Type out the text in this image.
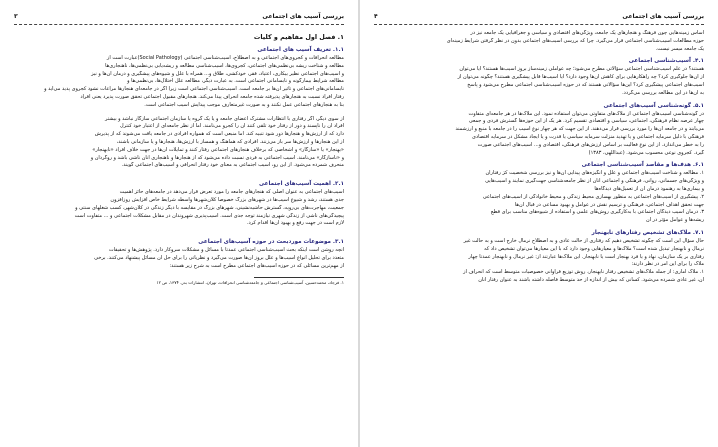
بررسی آسیب های اجتماعی
۳
۱. فصل اول مفاهیم و کلیات
۱.۱. تعریف آسیب های اجتماعی
مطالعه انحرافات و کجروی‌های اجتماعی و به اصطلاح، آسیب‌شناسی اجتماعی (Social Pathology)عبارت است از
مطالعه و شناخت ریشه بی‌نظمی‌های اجتماعی، کجروی‌ها، آسیب‌شناسی مطالعه و ریشه‌یابی بی‌نظمی‌ها، ناهنجاری‌ها
و آسیب‌های اجتماعی نظیر بیکاری، اعتیاد، فقر، خودکشی، طلاق و... همراه با علل و شیوه‌های پیشگیری و درمان آن‌ها و نیز
مطالعه شرایط بیمارگونه و نابسامانی اجتماعی است. به عبارت دیگر، مطالعه علل اختلال‌ها، بی‌نظمی‌ها و
نابسامانی‌های اجتماعی و تأثیر آن‌ها بر جامعه است. آسیب‌شناسی اجتماعی است زیرا اگر در جامعه‌ای هنجارها مراعات نشود کجروی پدید می‌آید و
رفتار افراد نسبت به هنجارهای پذیرفته شده جامعه انحراف پیدا می‌کند. هنجارهای مقبول اجتماعی تحقق صورت پذیرد یعنی افراد
بنا به هنجارهای اجتماعی عمل نکنند و به صورت غیرمتعارف موجب پیدایش آسیب اجتماعی است.
از سوی دیگر، اگر رفتاری با انتظارات مشترک اعضای جامعه و یا یک گروه یا سازمان اجتماعی سازگار نباشد و بیشتر
افراد آن را ناپسند و دور از رفتار خود تلقی کنند آن را کجرو می‌نامند. اما از نظر جامعه‌ای از اعتبار خود کنترل
دارد که از ارزش‌ها و هنجارها دور شود تنبیه کند. اما منبعی است که همواره افرادی در جامعه یافت می‌شوند که از پذیرش
از این هنجارها و ارزش‌ها سر باز می‌زنند. افرادی که هماهنگ و همساز با ارزش‌ها، هنجارها و یا سازمانی باشند،
«بهنجار» یا «سازگار» و اشخاصی که برخلاف هنجارهای اجتماعی رفتار کنند و تمایلات آن‌ها در جهت خلاف افراد «نابهنجار»
و «ناسازگار» می‌نامند. آسیب اجتماعی به فردی نسبت داده می‌شود که از هنجارها و ناهنجاری آنان ناشی باشد و روگردان و
منحرف شمرده می‌شود. از این رو، آسیب اجتماعی به معنای خود رفتار انحرافی و آسیب‌های اجتماعی گویند.
۲.۱. اهمیت آسیب‌های اجتماعی
آسیب‌های اجتماعی به عنوان اصلی که هنجارهای جامعه را مورد تعرض قرار می‌دهد در جامعه‌های حائز اهمیت
جدی هستند، رشد و شیوع آسیب‌ها در شهرهای بزرگ خصوصاً کلان‌شهرها واسطه شرایط خاص افزایش روزافزون
جمعیت، مهاجرت‌های بی‌رویه، گسترش حاشیه‌نشینی، شهرهای بزرگ در مقایسه با دیگر زندگی در کلان‌شهر، کسب شغلهای سنتی و
پیچیدگی‌های ناشی از زندگی شهری نیازمند توجه جدی است. آسیب‌پذیری شهروندان در مقابل مشکلات اجتماعی و ... متفاوت است
لازم است در جهت رفع و بهبود آن‌ها اقدام کرد.
۳.۱. موضوعات موردبحث در حوزه آسیب‌های اجتماعی
آنچه روشن است اینکه بحث آسیب‌شناسی اجتماعی عمدتاً با مسائل و مشکلات سروکار دارد. پژوهش‌ها و تحقیقات
متعدد برای تحلیل انواع آسیب‌ها و علل بروز آن‌ها صورت می‌گیرد و نظریاتی را برای حل آن مسائل پیشنهاد می‌کنند. برخی
از مهم‌ترین مسائلی که در حوزه آسیب‌های اجتماعی مطرح است به شرح زیر هستند:
۱. فرجاد، محمدحسین، آسیب‌شناسی اجتماعی و جامعه‌شناسی انحرافات، تهران، انتشارات بدر، ۱۳۷۴، ص ۱۲
بررسی آسیب های اجتماعی
۴
اساس زمینه‌هایی چون فرهنگ و هنجارهای یک جامعه، ویژگی‌های اقتصادی و سیاسی و جغرافیایی یک جامعه نیز در
حوزه مطالعات آسیب‌شناسی اجتماعی قرار می‌گیرد. چرا که بررسی آسیب‌های اجتماعی بدون در نظر گرفتن شرایط زمینه‌ای
یک جامعه میسر نیست.
۴.۱. آسیب‌شناسی اجتماعی
هستند؟ در علم آسیب‌شناسی اجتماعی سؤالاتی مطرح می‌شود؛ چه عواملی زمینه‌ساز بروز آسیب‌ها هستند؟ آیا می‌توان
از آن‌ها جلوگیری کرد؟ چه راهکارهایی برای کاهش آن‌ها وجود دارد؟ آیا آسیب‌ها قابل پیشگیری هستند؟ چگونه می‌توان از
آسیب‌های اجتماعی پیشگیری کرد؟ این‌ها سؤالاتی هستند که در حوزه آسیب‌شناسی اجتماعی مطرح می‌شود و پاسخ
به آن‌ها در این مطالعه بررسی می‌گردد.
۵.۱. گونه‌شناسی آسیب‌های اجتماعی
در گونه‌شناسی آسیب‌های اجتماعی از ملاک‌های متفاوتی می‌توان استفاده نمود. این ملاک‌ها در هر جامعه‌ای متفاوت
چهار عرصه نظام فرهنگی، اجتماعی، سیاسی و اقتصادی تقسیم کرد. هر یک از این حوزه‌ها گسترش فردی و جمعی
می‌یابند و در جامعه آن‌ها را مورد بررسی قرار می‌دهند. از این جهت که هر چهار نوع آسیب را در جامعه با منبع و ارزشمند
فرهنگی با دلیل سرمایه اجتماعی و یا تهدید منزلت سرمایه سیاسی یا قدرت و یا ایجاد مشکل در سرمایه اقتصادی
را به خطر می‌اندازد. از این نوع فعالیت بر اساس ارزش‌های فرهنگی، اقتصادی و... آسیب‌های اجتماعی صورت
گیرد. کجروی نوعی محسوب می‌شود. (عبداللهی، ۱۳۸۳)
۶.۱. هدف‌ها و مقاصد آسیب‌شناسی اجتماعی
۱. مطالعه و شناخت آسیب‌های اجتماعی و علل و انگیزه‌های پیدایی آن‌ها و نیز بررسی شخصیت کژ رفتاران
و ویژگی‌های جسمانی، روانی، فرهنگی و اجتماعی آنان از نظر جامعه‌شناسی جهت‌گیری نمایند و آسیب‌هایی
و بیماری‌ها به رهنمود درمان آن از تعمیل‌های دیدگاه‌ها
۲. پیشگیری از آسیب‌های اجتماعی به منظور بهسازی محیط زندگی و محیط خانوادگی از آسیب‌های اجتماعی
جهت تحقق اهداف اجتماعی، فرهنگی و ترسیم نقش در عوامل و بهبود مساعی در قبال آن‌ها
۳. درمان آسیب دیدگان اجتماعی با به‌کارگیری روش‌های علمی و استفاده از شیوه‌های مناسب برای قطع
ریشه‌ها و عوامل مؤثر در آن
۷.۱. ملاک‌های تشخیص رفتارهای نابهنجار
حال سؤال این است که چگونه تشخیص دهیم که رفتاری از حالت عادی و به اصطلاح نرمال خارج است و به حالت غیر
نرمال و نابهنجار تبدیل شده است؟ ملاک‌ها و معیارهایی وجود دارد که با این معیارها می‌توان تشخیص داد که
رفتاری بر یک سازمان، نهاد و یا فرد بهنجار است یا نابهنجار. این ملاک‌ها عبارتند از: غیر نرمال و نابهنجار عمدتاً چهار
ملاک را برای این امر در نظر دارند:
۱. ملاک آماری: از جمله ملاک‌های تشخیص رفتار نابهنجار، روش توزیع فراوانی خصوصیات متوسط است که انحراف از
آن، غیر عادی شمرده می‌شود. کسانی که بیش از اندازه از حد متوسط فاصله داشته باشند به عنوان رفتار آنان
